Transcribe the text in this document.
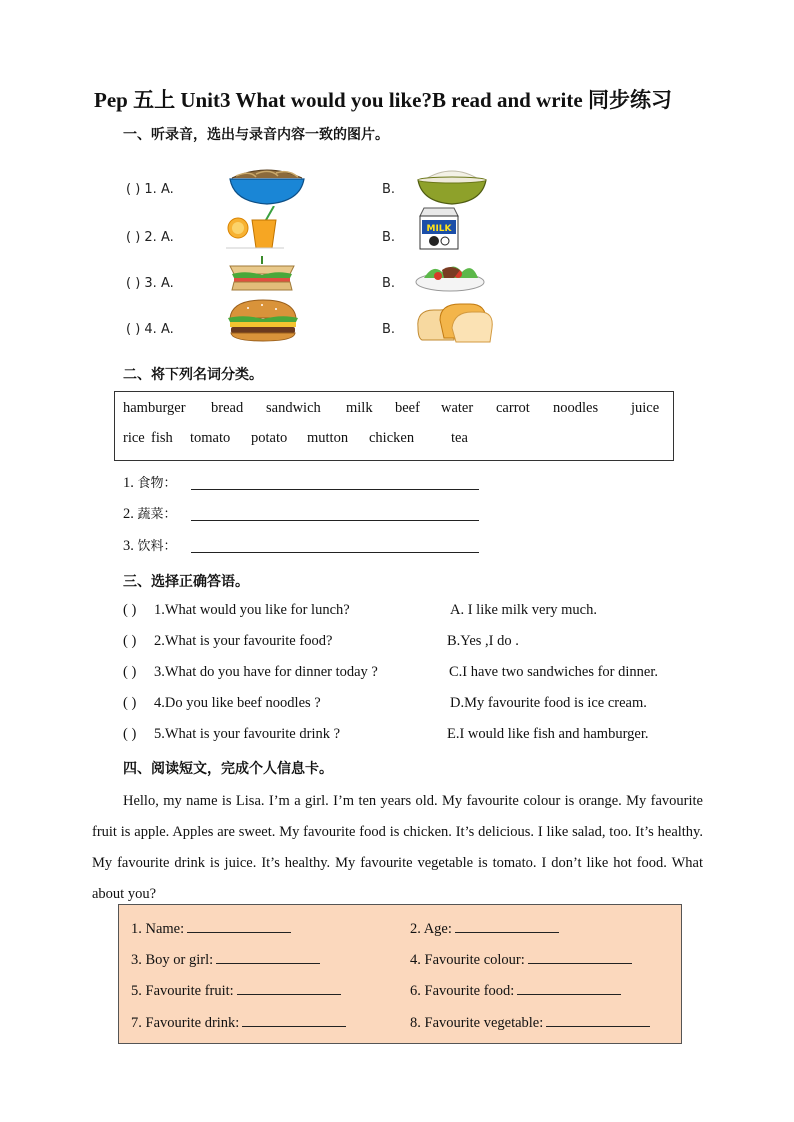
Pep 五上 Unit3 What would you like?B read and write 同步练习
一、听录音，选出与录音内容一致的图片。
( ) 1. A.	B.
( ) 2. A.	B.
MILK
( ) 3. A.	B.
( ) 4. A.	B.
二、将下列名词分类。
hamburger bread sandwich milk beef water carrot noodles juice
rice fish tomato potato mutton chicken	tea
1. 食物：
2. 蔬菜：
3. 饮料：
三、选择正确答语。
( ) 1.What would you like for lunch?	A. I like milk very much.
( ) 2.What is your favourite food?	B.Yes ,I do .
( ) 3.What do you have for dinner today ?	C.I have two sandwiches for dinner.
( ) 4.Do you like beef noodles ?	D.My favourite food is ice cream.
( ) 5.What is your favourite drink ?	E.I would like fish and hamburger.
四、阅读短文，完成个人信息卡。
Hello, my name is Lisa. I’m a girl. I’m ten years old. My favourite colour is orange. My favourite fruit is apple. Apples are sweet. My favourite food is chicken. It’s delicious. I like salad, too. It’s healthy. My favourite drink is juice. It’s healthy. My favourite vegetable is tomato. I don’t like hot food. What about you?
1. Name:	2. Age:
3. Boy or girl:	4. Favourite colour:
5. Favourite fruit:	6. Favourite food:
7. Favourite drink:	8. Favourite vegetable:
